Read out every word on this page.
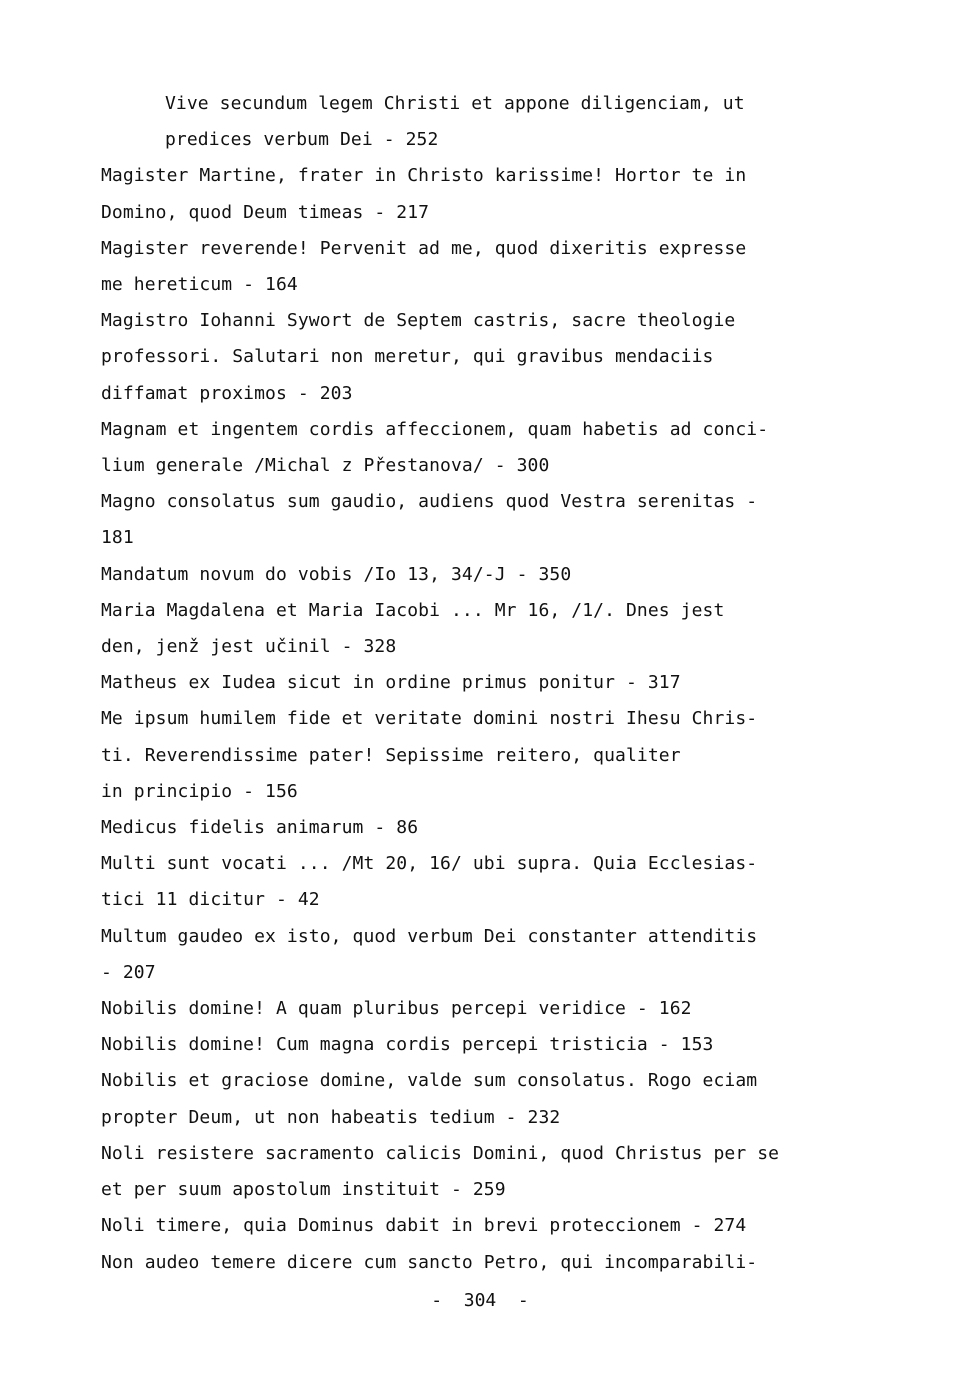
Vive secundum legem Christi et appone diligenciam, ut
predices verbum Dei - 252
Magister Martine, frater in Christo karissime! Hortor te in
Domino, quod Deum timeas - 217
Magister reverende! Pervenit ad me, quod dixeritis expresse
me hereticum - 164
Magistro Iohanni Sywort de Septem castris, sacre theologie
professori. Salutari non meretur, qui gravibus mendaciis
diffamat proximos - 203
Magnam et ingentem cordis affeccionem, quam habetis ad conci-
lium generale /Michal z Přestanova/ - 300
Magno consolatus sum gaudio, audiens quod Vestra serenitas -
181
Mandatum novum do vobis /Io 13, 34/-J - 350
Maria Magdalena et Maria Iacobi ... Mr 16, /1/. Dnes jest
den, jenž jest učinil - 328
Matheus ex Iudea sicut in ordine primus ponitur - 317
Me ipsum humilem fide et veritate domini nostri Ihesu Chris-
ti. Reverendissime pater! Sepissime reitero, qualiter
in principio - 156
Medicus fidelis animarum - 86
Multi sunt vocati ... /Mt 20, 16/ ubi supra. Quia Ecclesias-
tici 11 dicitur - 42
Multum gaudeo ex isto, quod verbum Dei constanter attenditis
- 207
Nobilis domine! A quam pluribus percepi veridice - 162
Nobilis domine! Cum magna cordis percepi tristicia - 153
Nobilis et graciose domine, valde sum consolatus. Rogo eciam
propter Deum, ut non habeatis tedium - 232
Noli resistere sacramento calicis Domini, quod Christus per se
et per suum apostolum instituit - 259
Noli timere, quia Dominus dabit in brevi proteccionem - 274
Non audeo temere dicere cum sancto Petro, qui incomparabili-
-  304  -
